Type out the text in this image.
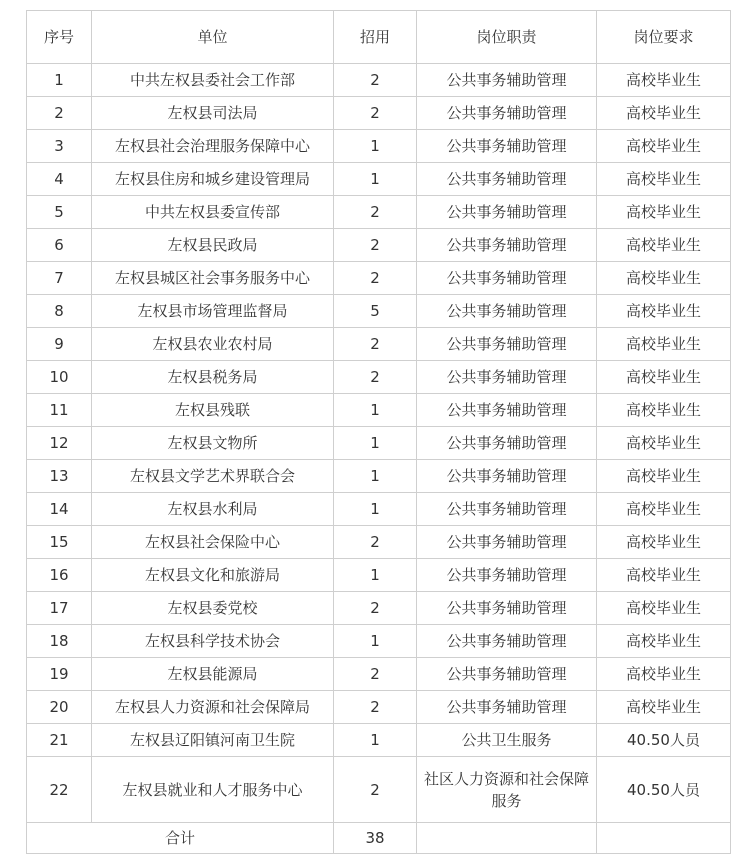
序号	单位	招用	岗位职责	岗位要求
1	中共左权县委社会工作部	2	公共事务辅助管理	高校毕业生
2	左权县司法局	2	公共事务辅助管理	高校毕业生
3	左权县社会治理服务保障中心	1	公共事务辅助管理	高校毕业生
4	左权县住房和城乡建设管理局	1	公共事务辅助管理	高校毕业生
5	中共左权县委宣传部	2	公共事务辅助管理	高校毕业生
6	左权县民政局	2	公共事务辅助管理	高校毕业生
7	左权县城区社会事务服务中心	2	公共事务辅助管理	高校毕业生
8	左权县市场管理监督局	5	公共事务辅助管理	高校毕业生
9	左权县农业农村局	2	公共事务辅助管理	高校毕业生
10	左权县税务局	2	公共事务辅助管理	高校毕业生
11	左权县残联	1	公共事务辅助管理	高校毕业生
12	左权县文物所	1	公共事务辅助管理	高校毕业生
13	左权县文学艺术界联合会	1	公共事务辅助管理	高校毕业生
14	左权县水利局	1	公共事务辅助管理	高校毕业生
15	左权县社会保险中心	2	公共事务辅助管理	高校毕业生
16	左权县文化和旅游局	1	公共事务辅助管理	高校毕业生
17	左权县委党校	2	公共事务辅助管理	高校毕业生
18	左权县科学技术协会	1	公共事务辅助管理	高校毕业生
19	左权县能源局	2	公共事务辅助管理	高校毕业生
20	左权县人力资源和社会保障局	2	公共事务辅助管理	高校毕业生
21	左权县辽阳镇河南卫生院	1	公共卫生服务	40.50人员
22	左权县就业和人才服务中心	2	社区人力资源和社会保障服务	40.50人员
合计		38		
